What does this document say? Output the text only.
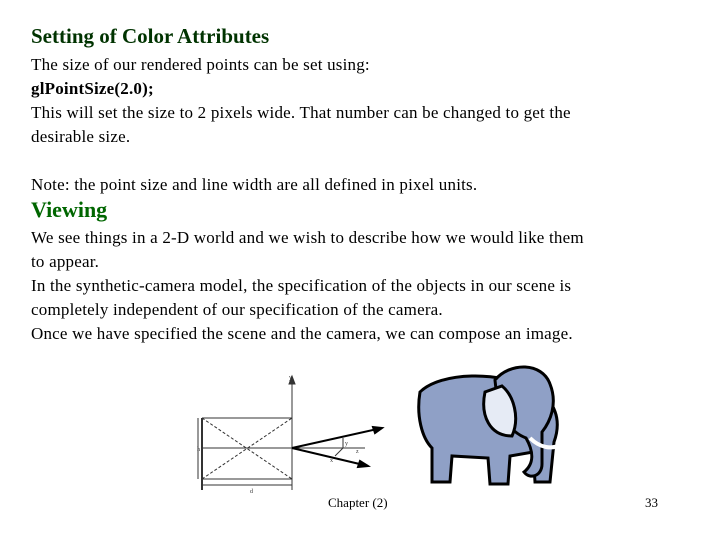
Setting of Color Attributes
The size of our rendered points can be set using:
glPointSize(2.0);
This will set the size to 2 pixels wide. That number can be changed to get the
desirable size.
Note: the point size and line width are all defined in pixel units.
Viewing
We see things in a 2-D world and we wish to describe how we would like them
to appear.
In the synthetic-camera model, the specification of the objects in our scene is
completely independent of our specification of the camera.
Once we have specified the scene and the camera, we can compose an image.
y
y
z
h
d
x
Chapter (2)	33
